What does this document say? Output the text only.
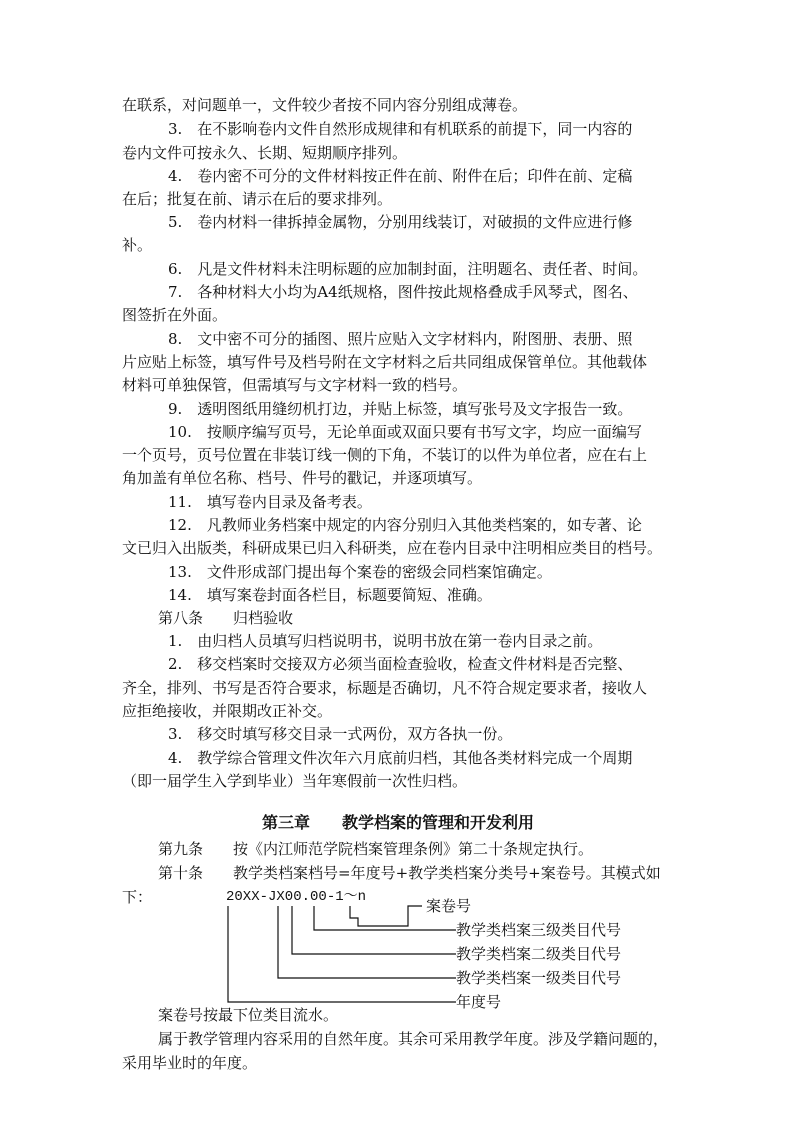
在联系，对问题单一，文件较少者按不同内容分别组成薄卷。
3.　在不影响卷内文件自然形成规律和有机联系的前提下，同一内容的
卷内文件可按永久、长期、短期顺序排列。
4.　卷内密不可分的文件材料按正件在前、附件在后；印件在前、定稿
在后；批复在前、请示在后的要求排列。
5.　卷内材料一律拆掉金属物，分别用线装订，对破损的文件应进行修
补。
6.　凡是文件材料未注明标题的应加制封面，注明题名、责任者、时间。
7.　各种材料大小均为A4纸规格，图件按此规格叠成手风琴式，图名、
图签折在外面。
8.　文中密不可分的插图、照片应贴入文字材料内，附图册、表册、照
片应贴上标签，填写件号及档号附在文字材料之后共同组成保管单位。其他载体
材料可单独保管，但需填写与文字材料一致的档号。
9.　透明图纸用缝纫机打边，并贴上标签，填写张号及文字报告一致。
10.　按顺序编写页号，无论单面或双面只要有书写文字，均应一面编写
一个页号，页号位置在非装订线一侧的下角，不装订的以件为单位者，应在右上
角加盖有单位名称、档号、件号的戳记，并逐项填写。
11.　填写卷内目录及备考表。
12.　凡教师业务档案中规定的内容分别归入其他类档案的，如专著、论
文已归入出版类，科研成果已归入科研类，应在卷内目录中注明相应类目的档号。
13.　文件形成部门提出每个案卷的密级会同档案馆确定。
14.　填写案卷封面各栏目，标题要简短、准确。
第八条　　归档验收
1.　由归档人员填写归档说明书，说明书放在第一卷内目录之前。
2.　移交档案时交接双方必须当面检查验收，检查文件材料是否完整、
齐全，排列、书写是否符合要求，标题是否确切，凡不符合规定要求者，接收人
应拒绝接收，并限期改正补交。
3.　移交时填写移交目录一式两份，双方各执一份。
4.　教学综合管理文件次年六月底前归档，其他各类材料完成一个周期
（即一届学生入学到毕业）当年寒假前一次性归档。
第三章　　教学档案的管理和开发利用
第九条　　按《内江师范学院档案管理条例》第二十条规定执行。
第十条　　教学类档案档号=年度号+教学类档案分类号+案卷号。其模式如
下：	20XX-JX00.00-1～n	案卷号
教学类档案三级类目代号
教学类档案二级类目代号
教学类档案一级类目代号
年度号
案卷号按最下位类目流水。
属于教学管理内容采用的自然年度。其余可采用教学年度。涉及学籍问题的，
采用毕业时的年度。
